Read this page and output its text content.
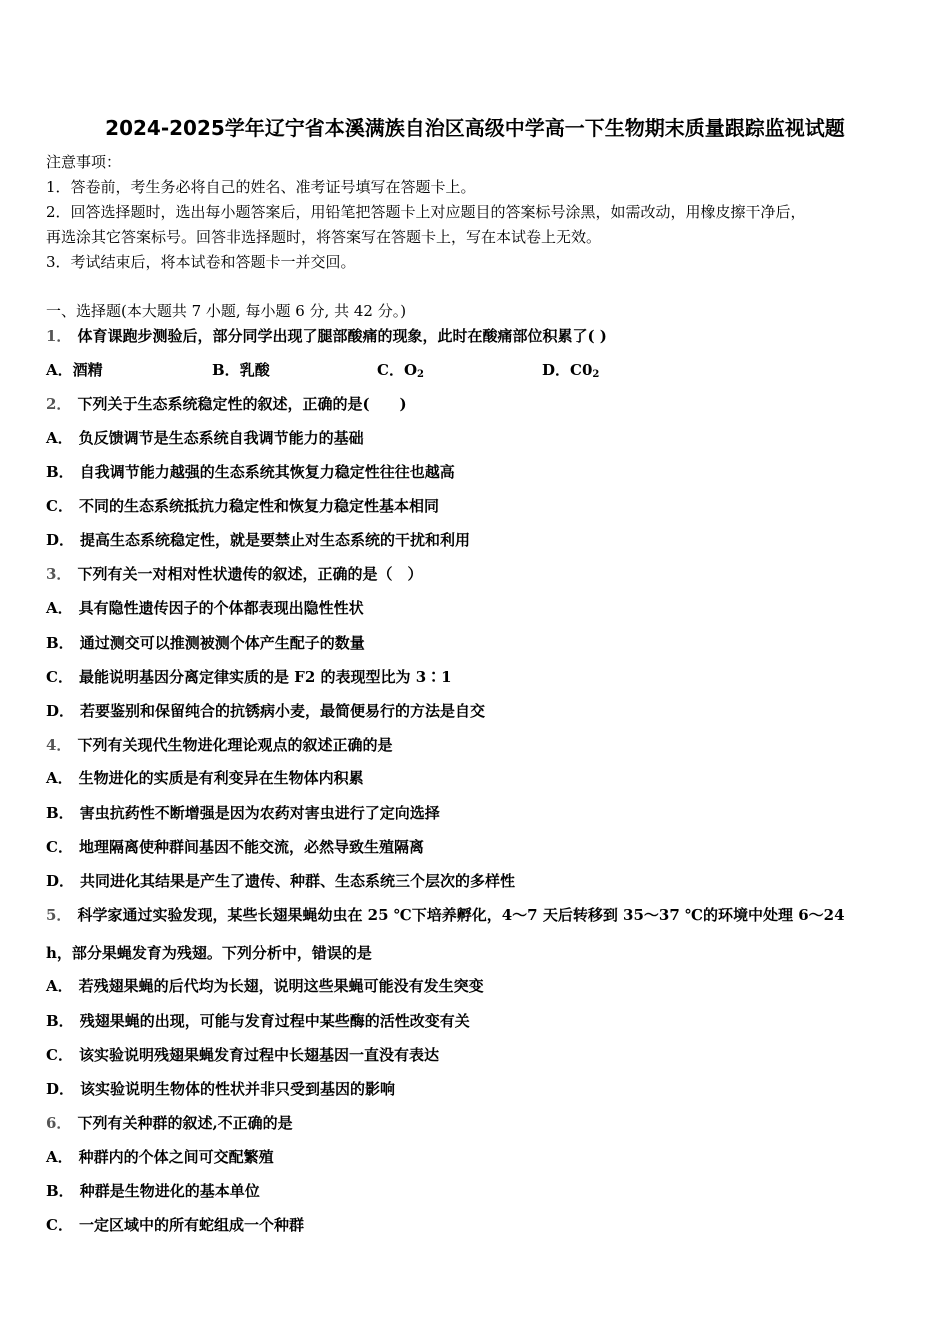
2024-2025学年辽宁省本溪满族自治区高级中学高一下生物期末质量跟踪监视试题
注意事项：
1．答卷前，考生务必将自己的姓名、准考证号填写在答题卡上。
2．回答选择题时，选出每小题答案后，用铅笔把答题卡上对应题目的答案标号涂黑，如需改动，用橡皮擦干净后，
再选涂其它答案标号。回答非选择题时，将答案写在答题卡上，写在本试卷上无效。
3．考试结束后，将本试卷和答题卡一并交回。
一、选择题(本大题共 7 小题, 每小题 6 分, 共 42 分。)
1． 体育课跑步测验后，部分同学出现了腿部酸痛的现象，此时在酸痛部位积累了( )
A．酒精	B．乳酸	C．$O_2$	D．$C0_2$
2． 下列关于生态系统稳定性的叙述，正确的是(　　)
A． 负反馈调节是生态系统自我调节能力的基础
B． 自我调节能力越强的生态系统其恢复力稳定性往往也越高
C． 不同的生态系统抵抗力稳定性和恢复力稳定性基本相同
D． 提高生态系统稳定性，就是要禁止对生态系统的干扰和利用
3． 下列有关一对相对性状遗传的叙述，正确的是（　）
A． 具有隐性遗传因子的个体都表现出隐性性状
B． 通过测交可以推测被测个体产生配子的数量
C． 最能说明基因分离定律实质的是 F2 的表现型比为 3∶1
D． 若要鉴别和保留纯合的抗锈病小麦，最简便易行的方法是自交
4． 下列有关现代生物进化理论观点的叙述正确的是
A． 生物进化的实质是有利变异在生物体内积累
B． 害虫抗药性不断增强是因为农药对害虫进行了定向选择
C． 地理隔离使种群间基因不能交流，必然导致生殖隔离
D． 共同进化其结果是产生了遗传、种群、生态系统三个层次的多样性
5． 科学家通过实验发现，某些长翅果蝇幼虫在 25 ℃下培养孵化，4～7 天后转移到 35～37 ℃的环境中处理 6～24
h，部分果蝇发育为残翅。下列分析中，错误的是
A． 若残翅果蝇的后代均为长翅，说明这些果蝇可能没有发生突变
B． 残翅果蝇的出现，可能与发育过程中某些酶的活性改变有关
C． 该实验说明残翅果蝇发育过程中长翅基因一直没有表达
D． 该实验说明生物体的性状并非只受到基因的影响
6． 下列有关种群的叙述,不正确的是
A． 种群内的个体之间可交配繁殖
B． 种群是生物进化的基本单位
C． 一定区域中的所有蛇组成一个种群
